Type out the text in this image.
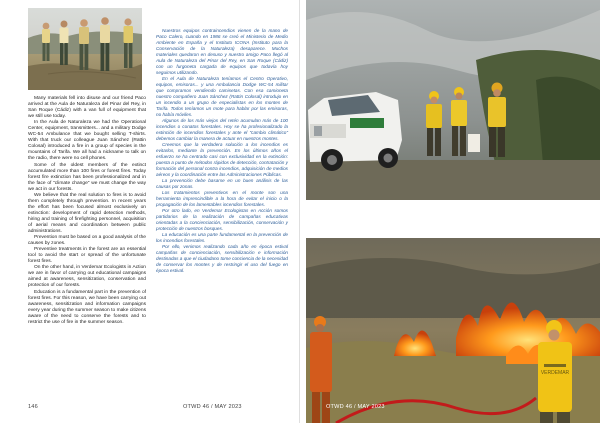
Many materials fell into disuse and our friend Paco arrived at the Aula de Naturaleza del Pinar del Rey, in San Roque (Cádiz) with a van full of equipment that we still use today.

In the Aula de Naturaleza we had the Operational Center, equipment, transmitters... and a military Dodge WC-54 Ambulance that we bought selling T-shirts. With that truck our colleague Juan Sánchez (Rattin Colosal) introduced a fire in a group of species in the mountains of Tarifa. We all had a nickname to talk on the radio, there were no cell phones.

Some of the oldest members of the extinct accumulated more than 100 fires or forest fires. Today forest fire extinction has been professionalized and in the face of "climate change" we must change the way we act in our forests.

We believe that the real solution to fires is to avoid them completely through prevention. In recent years the effort has been focused almost exclusively on extinction: development of rapid detection methods, hiring and training of firefighting personnel, acquisition of aerial means and coordination between public administrations.

Prevention must be based on a good analysis of the causes by zones.

Preventive treatments in the forest are an essential tool to avoid the start or spread of the unfortunate forest fires.

On the other hand, in Verdemar Ecologists in Action we are in favor of carrying out educational campaigns aimed at awareness, sensitization, conservation and protection of our forests.

Education is a fundamental part in the prevention of forest fires. For this reason, we have been carrying out awareness, sensitization and information campaigns every year during the summer season to make citizens aware of the need to conserve the forests and to restrict the use of fire in the summer season.

Nuestros equipos contraincendios vienen de la mano de Paco Calero, cuando en 1986 se creó el Ministerio de Medio Ambiente en España y el Instituto ICONA (Instituto para la Conservación de la Naturaleza) desaparece. Muchos materiales quedaron en desuso y nuestro amigo Paco llegó al Aula de Naturaleza del Pinar del Rey, en San Roque (Cádiz) con un furgoneta cargada de equipos que todavía hoy seguimos utilizando.

En el Aula de Naturaleza teníamos el Centro Operativo, equipos, emisoras... y una Ambulancia Dodge WC-54 militar que compramos vendiendo camisetas. Con esa camioneta nuestro compañero Juan Sánchez (Rattin Colosal) introdujo en un incendio a un grupo de especialistas en los montes de Tarifa. Todos teníamos un mote para hablar por las emisoras, no había móviles.

Algunos de los más viejos del retén acumulan más de 100 incendios o conatos forestales. Hoy se ha profesionalizado la extinción de incendios forestales y ante el "cambio climático" debemos cambiar la manera de actuar en nuestros montes.

Creemos que la verdadera solución a los incendios es evitarlos, mediante la prevención. En los últimos años el esfuerzo se ha centrado casi con exclusividad en la extinción: puesta a punto de métodos rápidos de detección, contratación y formación del personal contra incendios, adquisición de medios aéreos y la coordinación entre las Administraciones Públicas.

La prevención debe basarse en un buen análisis de las causas por zonas.

Los tratamientos preventivos en el monte son una herramienta imprescindible a la hora de evitar el inicio o la propagación de los lamentables incendios forestales.

Por otro lado, en Verdemar Ecologistas en Acción somos partidarios de la realización de campañas educativas orientadas a la concienciación, sensibilización, conservación y protección de nuestros bosques.

La educación es una parte fundamental en la prevención de los incendios forestales.

Por ello, venimos realizando cada año en época estival campañas de concienciación, sensibilización e información destinadas a que el ciudadano tome conciencia de la necesidad de conservar los montes y de restringir el uso del fuego en época estival.

146	OTWD 46 / MAY 2023
VERDEMAR
OTWD 46 / MAY 2023
